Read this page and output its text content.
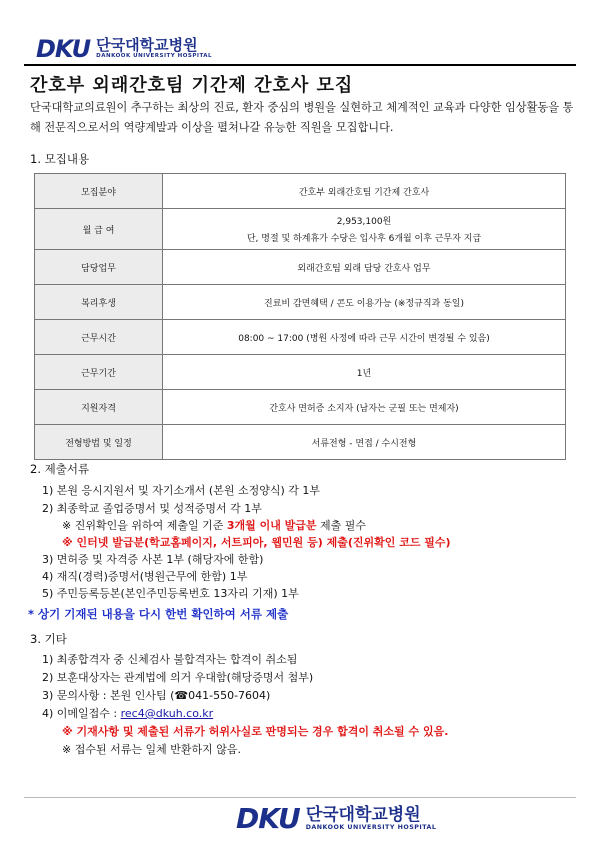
DKU 단국대학교병원
DANKOOK UNIVERSITY HOSPITAL
간호부 외래간호팀 기간제 간호사 모집
단국대학교의료원이 추구하는 최상의 진료, 환자 중심의 병원을 실현하고 체계적인 교육과 다양한 임상활동을 통해 전문직으로서의 역량계발과 이상을 펼쳐나갈 유능한 직원을 모집합니다.
1. 모집내용
모집분야	간호부 외래간호팀 기간제 간호사
월 급 여	2,953,100원
단, 명절 및 하계휴가 수당은 입사후 6개월 이후 근무자 지급

담당업무	외래간호팀 외래 담당 간호사 업무
복리후생	진료비 감면혜택 / 콘도 이용가능 (※정규직과 동일)
근무시간	08:00 ~ 17:00 (병원 사정에 따라 근무 시간이 변경될 수 있음)
근무기간	1년
지원자격	간호사 면허증 소지자 (남자는 군필 또는 면제자)
전형방법 및 일정	서류전형 - 면접 / 수시전형
2. 제출서류
1) 본원 응시지원서 및 자기소개서 (본원 소정양식) 각 1부
2) 최종학교 졸업증명서 및 성적증명서 각 1부
※ 진위확인을 위하여 제출일 기준 3개월 이내 발급분 제출 필수
※ 인터넷 발급분(학교홈페이지, 서트피아, 웹민원 등) 제출(진위확인 코드 필수)
3) 면허증 및 자격증 사본 1부 (해당자에 한함)
4) 재직(경력)증명서(병원근무에 한함) 1부
5) 주민등록등본(본인주민등록번호 13자리 기재) 1부
* 상기 기재된 내용을 다시 한번 확인하여 서류 제출
3. 기타
1) 최종합격자 중 신체검사 불합격자는 합격이 취소됨
2) 보훈대상자는 관계법에 의거 우대함(해당증명서 첨부)
3) 문의사항 : 본원 인사팀 (☎041-550-7604)
4) 이메일접수 : rec4@dkuh.co.kr
※ 기재사항 및 제출된 서류가 허위사실로 판명되는 경우 합격이 취소될 수 있음.
※ 접수된 서류는 일체 반환하지 않음.
DKU 단국대학교병원
DANKOOK UNIVERSITY HOSPITAL
